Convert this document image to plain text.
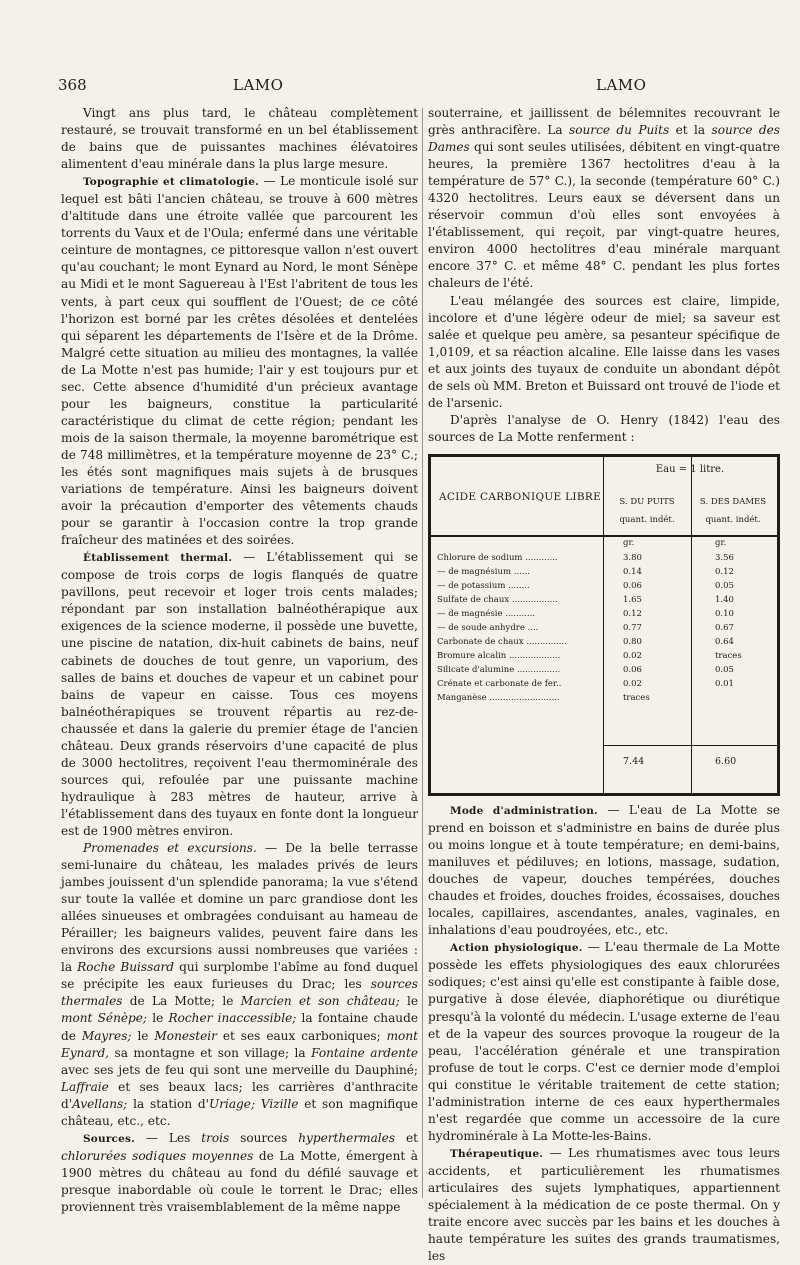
368	LAMO	LAMO

Vingt ans plus tard, le château complètement restauré, se trouvait transformé en un bel établissement de bains que de puissantes machines élévatoires alimentent d'eau minérale dans la plus large mesure.

Topographie et climatologie. — Le monticule isolé sur lequel est bâti l'ancien château, se trouve à 600 mètres d'altitude dans une étroite vallée que parcourent les torrents du Vaux et de l'Oula; enfermé dans une véritable ceinture de montagnes, ce pittoresque vallon n'est ouvert qu'au couchant; le mont Eynard au Nord, le mont Sénèpe au Midi et le mont Saguereau à l'Est l'abritent de tous les vents, à part ceux qui soufflent de l'Ouest; de ce côté l'horizon est borné par les crêtes désolées et dentelées qui séparent les départements de l'Isère et de la Drôme. Malgré cette situation au milieu des montagnes, la vallée de La Motte n'est pas humide; l'air y est toujours pur et sec. Cette absence d'humidité d'un précieux avantage pour les baigneurs, constitue la particularité caractéristique du climat de cette région; pendant les mois de la saison thermale, la moyenne barométrique est de 748 millimètres, et la température moyenne de 23° C.; les étés sont magnifiques mais sujets à de brusques variations de température. Ainsi les baigneurs doivent avoir la précaution d'emporter des vêtements chauds pour se garantir à l'occasion contre la trop grande fraîcheur des matinées et des soirées.

Établissement thermal. — L'établissement qui se compose de trois corps de logis flanqués de quatre pavillons, peut recevoir et loger trois cents malades; répondant par son installation balnéothérapique aux exigences de la science moderne, il possède une buvette, une piscine de natation, dix-huit cabinets de bains, neuf cabinets de douches de tout genre, un vaporium, des salles de bains et douches de vapeur et un cabinet pour bains de vapeur en caisse. Tous ces moyens balnéothérapiques se trouvent répartis au rez-de-chaussée et dans la galerie du premier étage de l'ancien château. Deux grands réservoirs d'une capacité de plus de 3000 hectolitres, reçoivent l'eau thermominérale des sources qui, refoulée par une puissante machine hydraulique à 283 mètres de hauteur, arrive à l'établissement dans des tuyaux en fonte dont la longueur est de 1900 mètres environ.

Promenades et excursions. — De la belle terrasse semi-lunaire du château, les malades privés de leurs jambes jouissent d'un splendide panorama; la vue s'étend sur toute la vallée et domine un parc grandiose dont les allées sinueuses et ombragées conduisant au hameau de Pérailler; les baigneurs valides, peuvent faire dans les environs des excursions aussi nombreuses que variées : la Roche Buissard qui surplombe l'abîme au fond duquel se précipite les eaux furieuses du Drac; les sources thermales de La Motte; le Marcien et son château; le mont Sénèpe; le Rocher inaccessible; la fontaine chaude de Mayres; le Monesteir et ses eaux carboniques; mont Eynard, sa montagne et son village; la Fontaine ardente avec ses jets de feu qui sont une merveille du Dauphiné; Laffraie et ses beaux lacs; les carrières d'anthracite d'Avellans; la station d'Uriage; Vizille et son magnifique château, etc., etc.

Sources. — Les trois sources hyperthermales et chlorurées sodiques moyennes de La Motte, émergent à 1900 mètres du château au fond du défilé sauvage et presque inabordable où coule le torrent le Drac; elles proviennent très vraisemblablement de la même nappe

souterraine, et jaillissent de bélemnites recouvrant le grès anthracifère. La source du Puits et la source des Dames qui sont seules utilisées, débitent en vingt-quatre heures, la première 1367 hectolitres d'eau à la température de 57° C.), la seconde (température 60° C.) 4320 hectolitres. Leurs eaux se déversent dans un réservoir commun d'où elles sont envoyées à l'établissement, qui reçoit, par vingt-quatre heures, environ 4000 hectolitres d'eau minérale marquant encore 37° C. et même 48° C. pendant les plus fortes chaleurs de l'été.

L'eau mélangée des sources est claire, limpide, incolore et d'une légère odeur de miel; sa saveur est salée et quelque peu amère, sa pesanteur spécifique de 1,0109, et sa réaction alcaline. Elle laisse dans les vases et aux joints des tuyaux de conduite un abondant dépôt de sels où MM. Breton et Buissard ont trouvé de l'iode et de l'arsenic.

D'après l'analyse de O. Henry (1842) l'eau des sources de La Motte renferment :

Eau = 1 litre.
ACIDE CARBONIQUE LIBRE	S. DU PUITS
quant. indét.
S. DES DAMES
quant. indét.
gr.	gr.
Chlorure de sodium ............	3.80	3.56
— de magnésium ......	0.14	0.12
— de potassium ........	0.06	0.05
Sulfate de chaux .................	1.65	1.40
— de magnésie ...........	0.12	0.10
— de soude anhydre ....	0.77	0.67
Carbonate de chaux ...............	0.80	0.64
Bromure alcalin ...................	0.02	traces
Silicate d'alumine ................	0.06	0.05
Crénate et carbonate de fer..	0.02	0.01
Manganèse ..........................	traces
7.44	6.60

Mode d'administration. — L'eau de La Motte se prend en boisson et s'administre en bains de durée plus ou moins longue et à toute température; en demi-bains, maniluves et pédiluves; en lotions, massage, sudation, douches de vapeur, douches tempérées, douches chaudes et froides, douches froides, écossaises, douches locales, capillaires, ascendantes, anales, vaginales, en inhalations d'eau poudroyées, etc., etc.

Action physiologique. — L'eau thermale de La Motte possède les effets physiologiques des eaux chlorurées sodiques; c'est ainsi qu'elle est constipante à faible dose, purgative à dose élevée, diaphorétique ou diurétique presqu'à la volonté du médecin. L'usage externe de l'eau et de la vapeur des sources provoque la rougeur de la peau, l'accélération générale et une transpiration profuse de tout le corps. C'est ce dernier mode d'emploi qui constitue le véritable traitement de cette station; l'administration interne de ces eaux hyperthermales n'est regardée que comme un accessoire de la cure hydrominérale à La Motte-les-Bains.

Thérapeutique. — Les rhumatismes avec tous leurs accidents, et particulièrement les rhumatismes articulaires des sujets lymphatiques, appartiennent spécialement à la médication de ce poste thermal. On y traite encore avec succès par les bains et les douches à haute température les suites des grands traumatismes, les
